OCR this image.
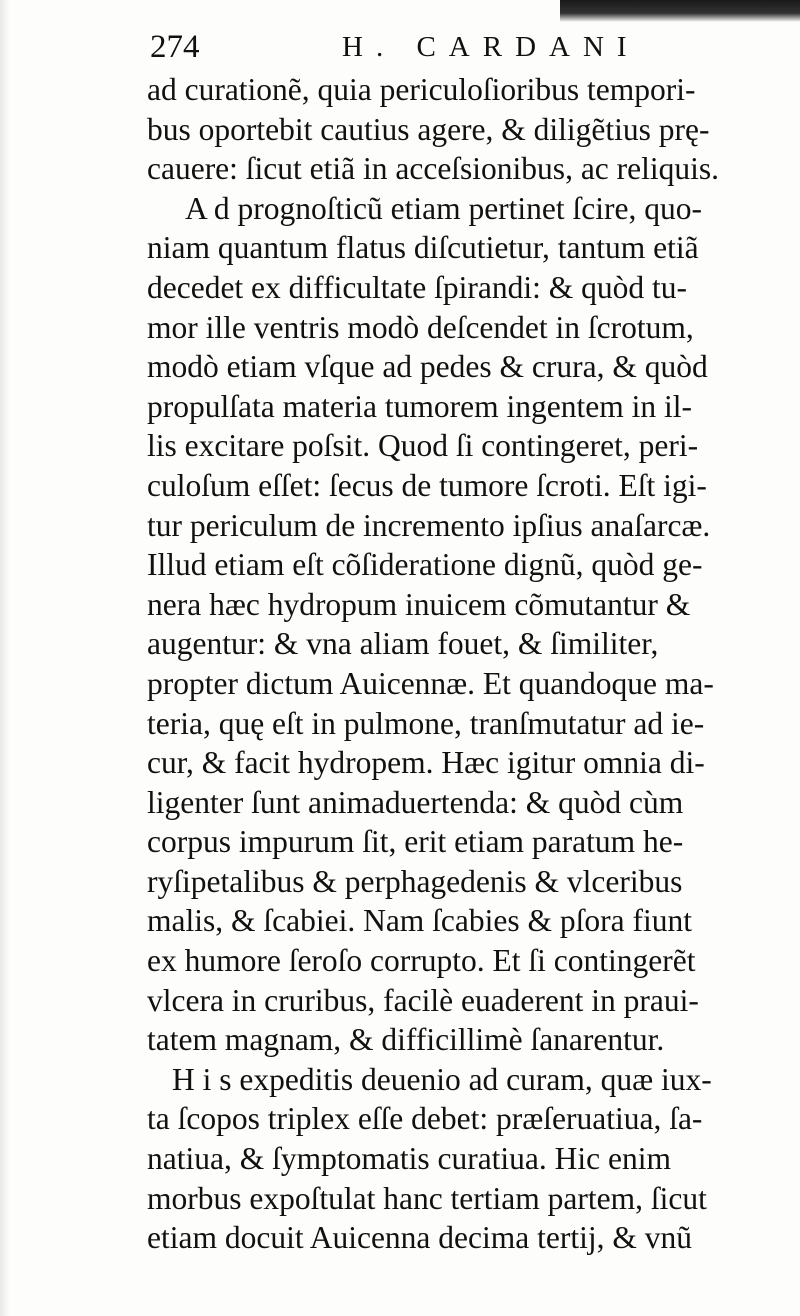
274	H. CARDANI
ad curationẽ, quia periculoſioribus tempori-
bus oportebit cautius agere, & diligẽtius prę-
cauere: ſicut etiã in acceſsionibus, ac reliquis.
A d prognoſticũ etiam pertinet ſcire, quo-
niam quantum flatus diſcutietur, tantum etiã
decedet ex difficultate ſpirandi: & quòd tu-
mor ille ventris modò deſcendet in ſcrotum,
modò etiam vſque ad pedes & crura, & quòd
propulſata materia tumorem ingentem in il-
lis excitare poſsit. Quod ſi contingeret, peri-
culoſum eſſet: ſecus de tumore ſcroti. Eſt igi-
tur periculum de incremento ipſius anaſarcæ.
Illud etiam eſt cõſideratione dignũ, quòd ge-
nera hæc hydropum inuicem cõmutantur &
augentur: & vna aliam fouet, & ſimiliter,
propter dictum Auicennæ. Et quandoque ma-
teria, quę eſt in pulmone, tranſmutatur ad ie-
cur, & facit hydropem. Hæc igitur omnia di-
ligenter ſunt animaduertenda: & quòd cùm
corpus impurum ſit, erit etiam paratum he-
ryſipetalibus & perphagedenis & vlceribus
malis, & ſcabiei. Nam ſcabies & pſora fiunt
ex humore ſeroſo corrupto. Et ſi contingerẽt
vlcera in cruribus, facilè euaderent in praui-
tatem magnam, & difficillimè ſanarentur.
H i s expeditis deuenio ad curam, quæ iux-
ta ſcopos triplex eſſe debet: præſeruatiua, ſa-
natiua, & ſymptomatis curatiua. Hic enim
morbus expoſtulat hanc tertiam partem, ſicut
etiam docuit Auicenna decima tertij, & vnũ
